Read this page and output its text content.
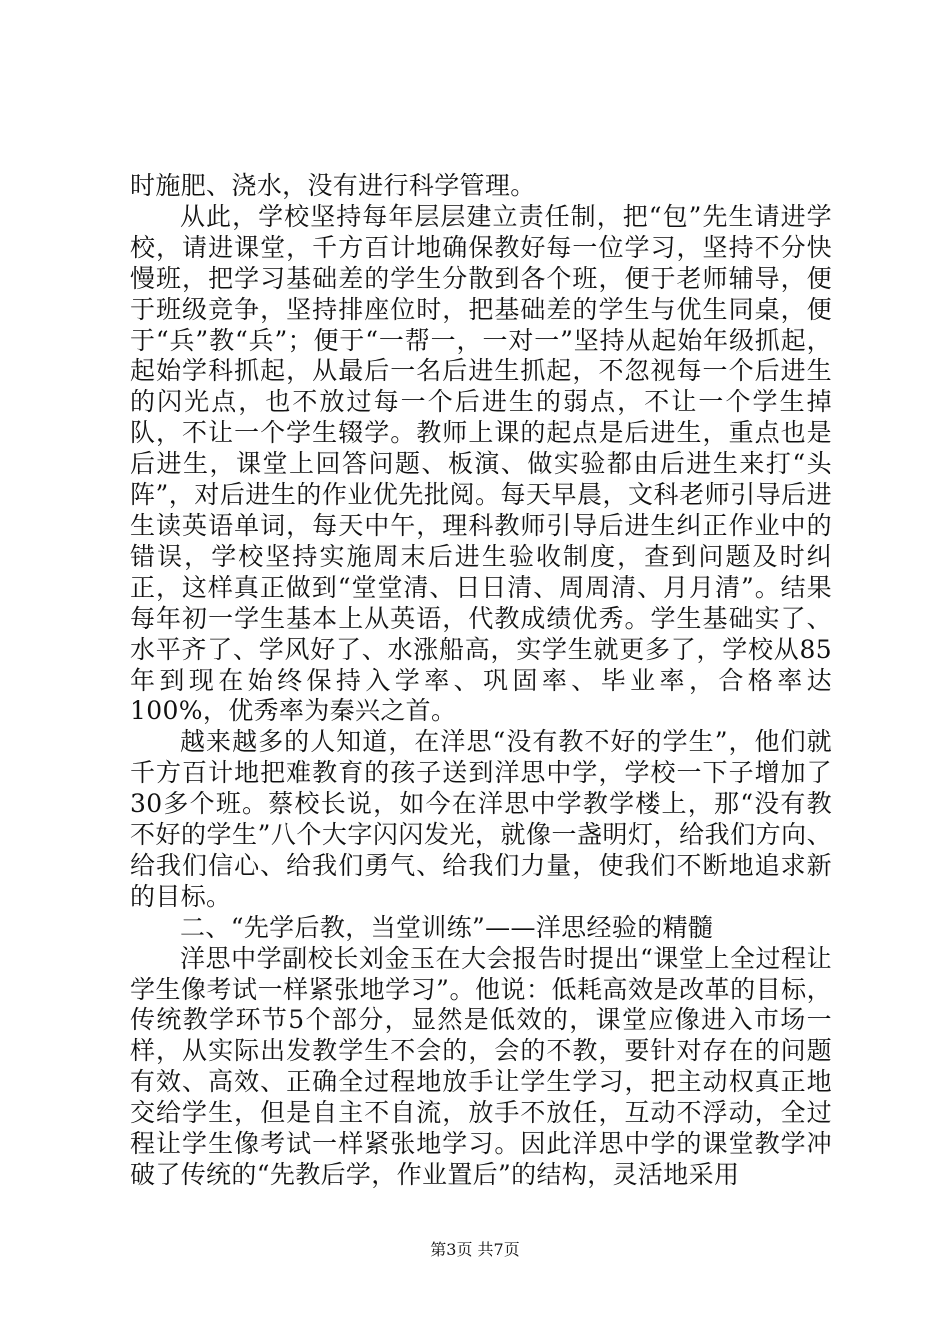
时施肥、浇水，没有进行科学管理。

从此，学校坚持每年层层建立责任制，把“包”先生请进学校，请进课堂，千方百计地确保教好每一位学习，坚持不分快慢班，把学习基础差的学生分散到各个班，便于老师辅导，便于班级竞争，坚持排座位时，把基础差的学生与优生同桌，便于“兵”教“兵”；便于“一帮一，一对一”坚持从起始年级抓起，起始学科抓起，从最后一名后进生抓起，不忽视每一个后进生的闪光点，也不放过每一个后进生的弱点，不让一个学生掉队，不让一个学生辍学。教师上课的起点是后进生，重点也是后进生，课堂上回答问题、板演、做实验都由后进生来打“头阵”，对后进生的作业优先批阅。每天早晨，文科老师引导后进生读英语单词，每天中午，理科教师引导后进生纠正作业中的错误，学校坚持实施周末后进生验收制度，查到问题及时纠正，这样真正做到“堂堂清、日日清、周周清、月月清”。结果每年初一学生基本上从英语，代教成绩优秀。学生基础实了、水平齐了、学风好了、水涨船高，实学生就更多了，学校从85年到现在始终保持入学率、巩固率、毕业率，合格率达100%，优秀率为秦兴之首。

越来越多的人知道，在洋思“没有教不好的学生”，他们就千方百计地把难教育的孩子送到洋思中学，学校一下子增加了30多个班。蔡校长说，如今在洋思中学教学楼上，那“没有教不好的学生”八个大字闪闪发光，就像一盏明灯，给我们方向、给我们信心、给我们勇气、给我们力量，使我们不断地追求新的目标。

二、“先学后教，当堂训练”——洋思经验的精髓

洋思中学副校长刘金玉在大会报告时提出“课堂上全过程让学生像考试一样紧张地学习”。他说：低耗高效是改革的目标，传统教学环节5个部分，显然是低效的，课堂应像进入市场一样，从实际出发教学生不会的，会的不教，要针对存在的问题有效、高效、正确全过程地放手让学生学习，把主动权真正地交给学生，但是自主不自流，放手不放任，互动不浮动，全过程让学生像考试一样紧张地学习。因此洋思中学的课堂教学冲破了传统的“先教后学，作业置后”的结构，灵活地采用

第3页 共7页
